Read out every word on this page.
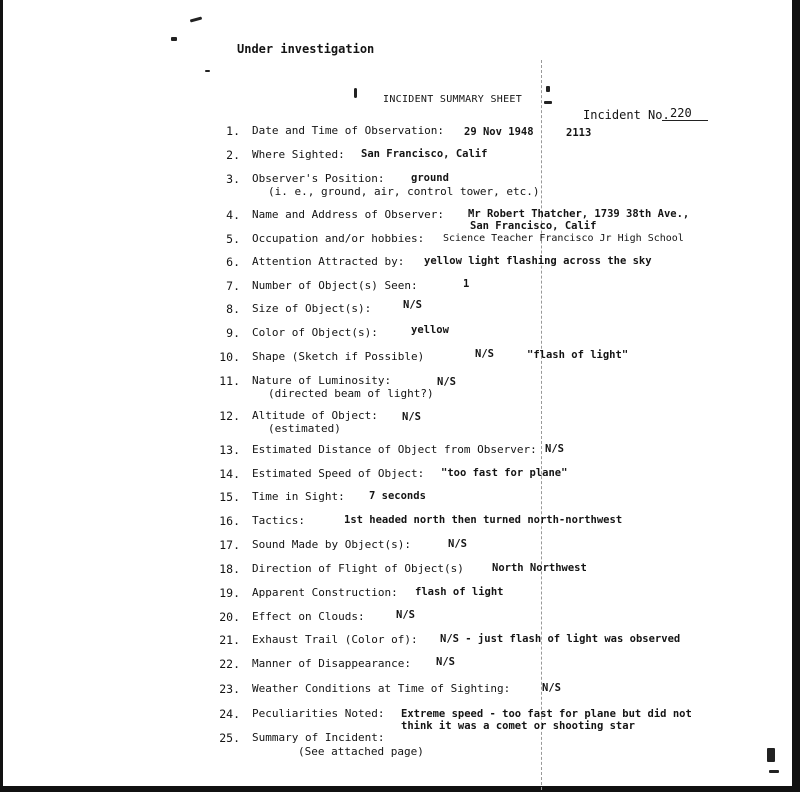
Under investigation
INCIDENT SUMMARY SHEET
Incident No. 220
1. Date and Time of Observation: 29 Nov 1948	2113
2. Where Sighted: San Francisco, Calif
3. Observer's Position:
(i. e., ground, air, control tower, etc.)
ground
4. Name and Address of Observer: Mr Robert Thatcher, 1739 38th Ave.,
San Francisco, Calif
5. Occupation and/or hobbies: Science Teacher Francisco Jr High School
6. Attention Attracted by: yellow light flashing across the sky
7. Number of Object(s) Seen:	1
8. Size of Object(s):	N/S
9. Color of Object(s):	yellow
10. Shape (Sketch if Possible)	N/S	"flash of light"
11. Nature of Luminosity:
(directed beam of light?)
N/S
12. Altitude of Object:
(estimated)
N/S
13. Estimated Distance of Object from Observer: N/S
14. Estimated Speed of Object: "too fast for plane"
15. Time in Sight: 7 seconds
16. Tactics:	1st headed north then turned north-northwest
17. Sound Made by Object(s):	N/S
18. Direction of Flight of Object(s)	North Northwest
19. Apparent Construction: flash of light
20. Effect on Clouds:	N/S
21. Exhaust Trail (Color of): N/S - just flash of light was observed
22. Manner of Disappearance: N/S
23. Weather Conditions at Time of Sighting:	N/S
24. Peculiarities Noted: Extreme speed - too fast for plane but did not
think it was a comet or shooting star
25. Summary of Incident:
(See attached page)
